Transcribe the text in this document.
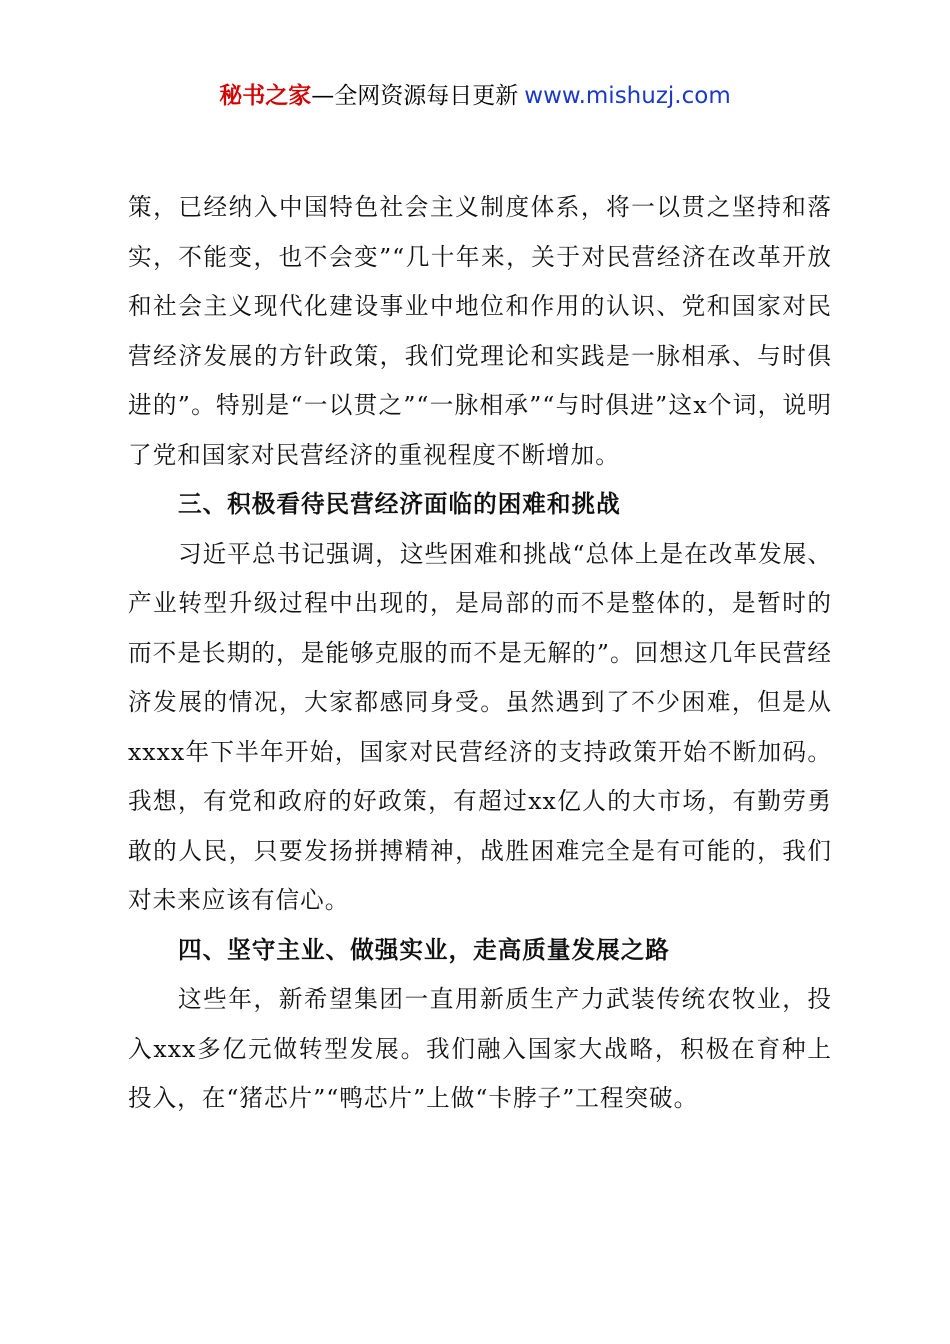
秘书之家—全网资源每日更新 www.mishuzj.com

策，已经纳入中国特色社会主义制度体系，将一以贯之坚持和落实，不能变，也不会变”“几十年来，关于对民营经济在改革开放和社会主义现代化建设事业中地位和作用的认识、党和国家对民营经济发展的方针政策，我们党理论和实践是一脉相承、与时俱进的”。特别是“一以贯之”“一脉相承”“与时俱进”这x个词，说明了党和国家对民营经济的重视程度不断增加。

三、积极看待民营经济面临的困难和挑战

习近平总书记强调，这些困难和挑战“总体上是在改革发展、产业转型升级过程中出现的，是局部的而不是整体的，是暂时的而不是长期的，是能够克服的而不是无解的”。回想这几年民营经济发展的情况，大家都感同身受。虽然遇到了不少困难，但是从xxxx年下半年开始，国家对民营经济的支持政策开始不断加码。我想，有党和政府的好政策，有超过xx亿人的大市场，有勤劳勇敢的人民，只要发扬拼搏精神，战胜困难完全是有可能的，我们对未来应该有信心。

四、坚守主业、做强实业，走高质量发展之路

这些年，新希望集团一直用新质生产力武装传统农牧业，投入xxx多亿元做转型发展。我们融入国家大战略，积极在育种上投入，在“猪芯片”“鸭芯片”上做“卡脖子”工程突破。
